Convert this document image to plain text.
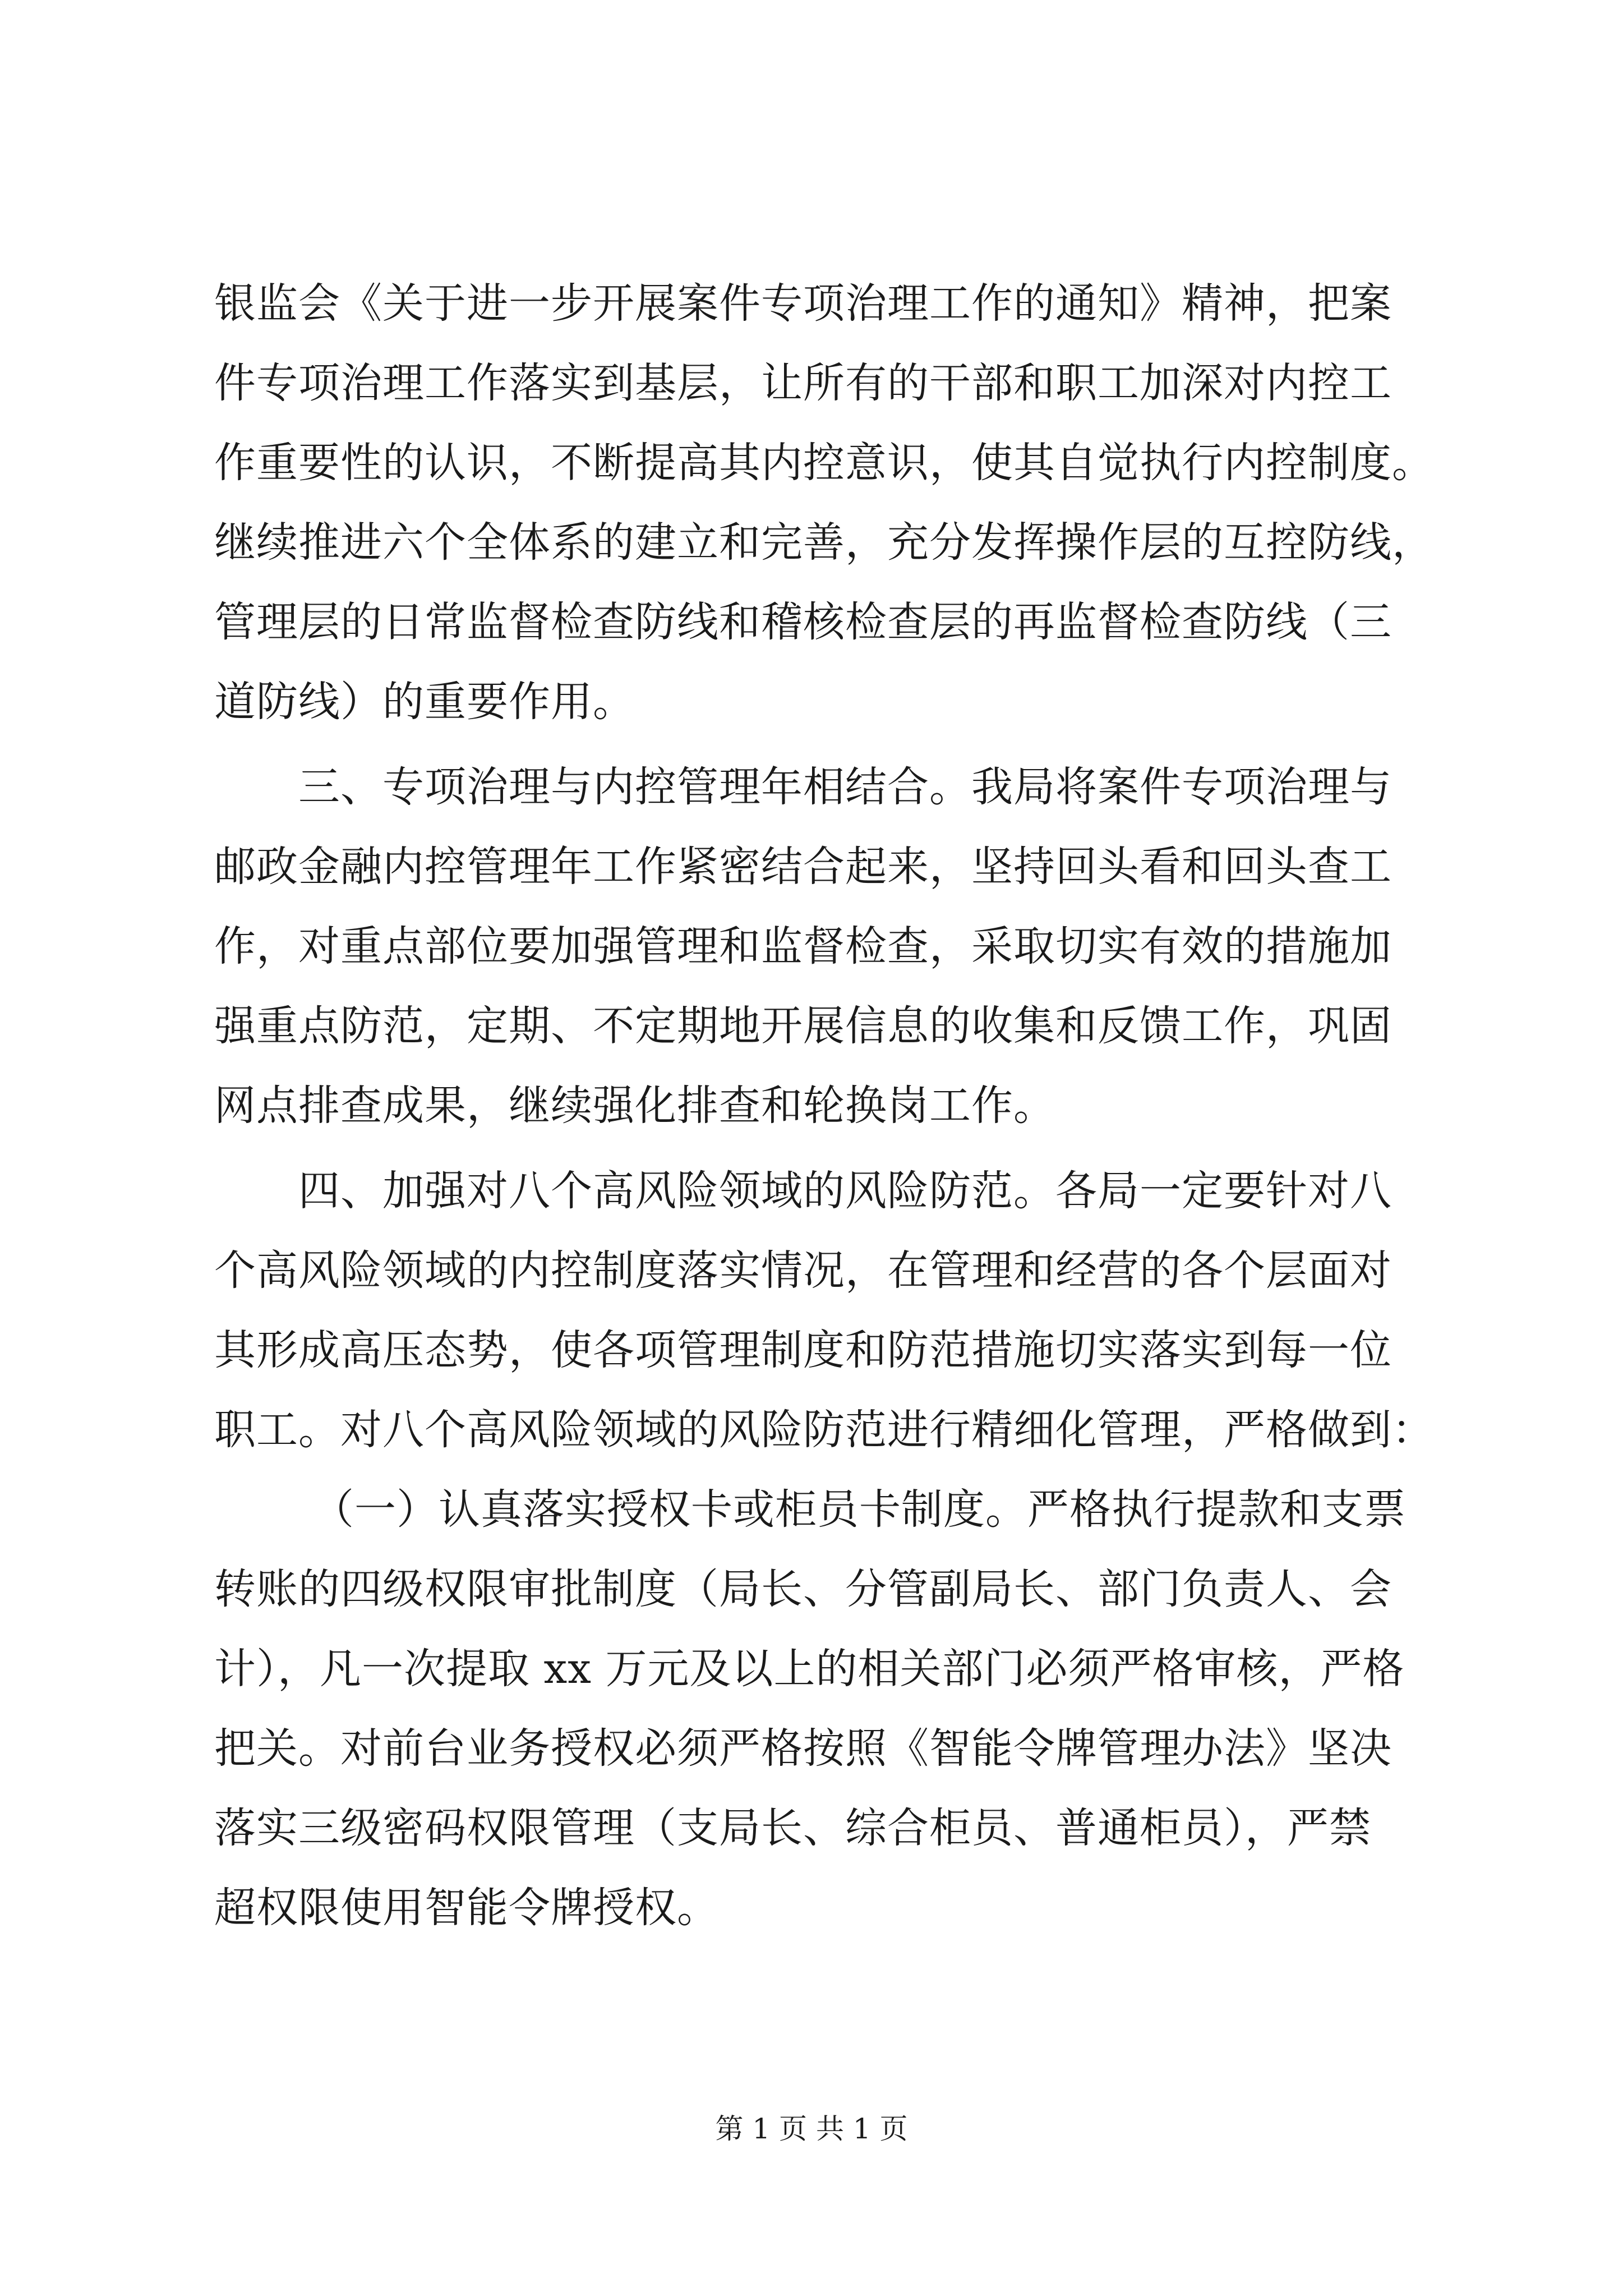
银监会《关于进一步开展案件专项治理工作的通知》精神，把案
件专项治理工作落实到基层，让所有的干部和职工加深对内控工
作重要性的认识，不断提高其内控意识，使其自觉执行内控制度。
继续推进六个全体系的建立和完善，充分发挥操作层的互控防线，
管理层的日常监督检查防线和稽核检查层的再监督检查防线（三
道防线）的重要作用。
三、专项治理与内控管理年相结合。我局将案件专项治理与
邮政金融内控管理年工作紧密结合起来，坚持回头看和回头查工
作，对重点部位要加强管理和监督检查，采取切实有效的措施加
强重点防范，定期、不定期地开展信息的收集和反馈工作，巩固
网点排查成果，继续强化排查和轮换岗工作。
四、加强对八个高风险领域的风险防范。各局一定要针对八
个高风险领域的内控制度落实情况，在管理和经营的各个层面对
其形成高压态势，使各项管理制度和防范措施切实落实到每一位
职工。对八个高风险领域的风险防范进行精细化管理，严格做到：
（一）认真落实授权卡或柜员卡制度。严格执行提款和支票
转账的四级权限审批制度（局长、分管副局长、部门负责人、会
计），凡一次提取 xx 万元及以上的相关部门必须严格审核，严格
把关。对前台业务授权必须严格按照《智能令牌管理办法》坚决
落实三级密码权限管理（支局长、综合柜员、普通柜员），严禁
超权限使用智能令牌授权。
第 1 页 共 1 页
